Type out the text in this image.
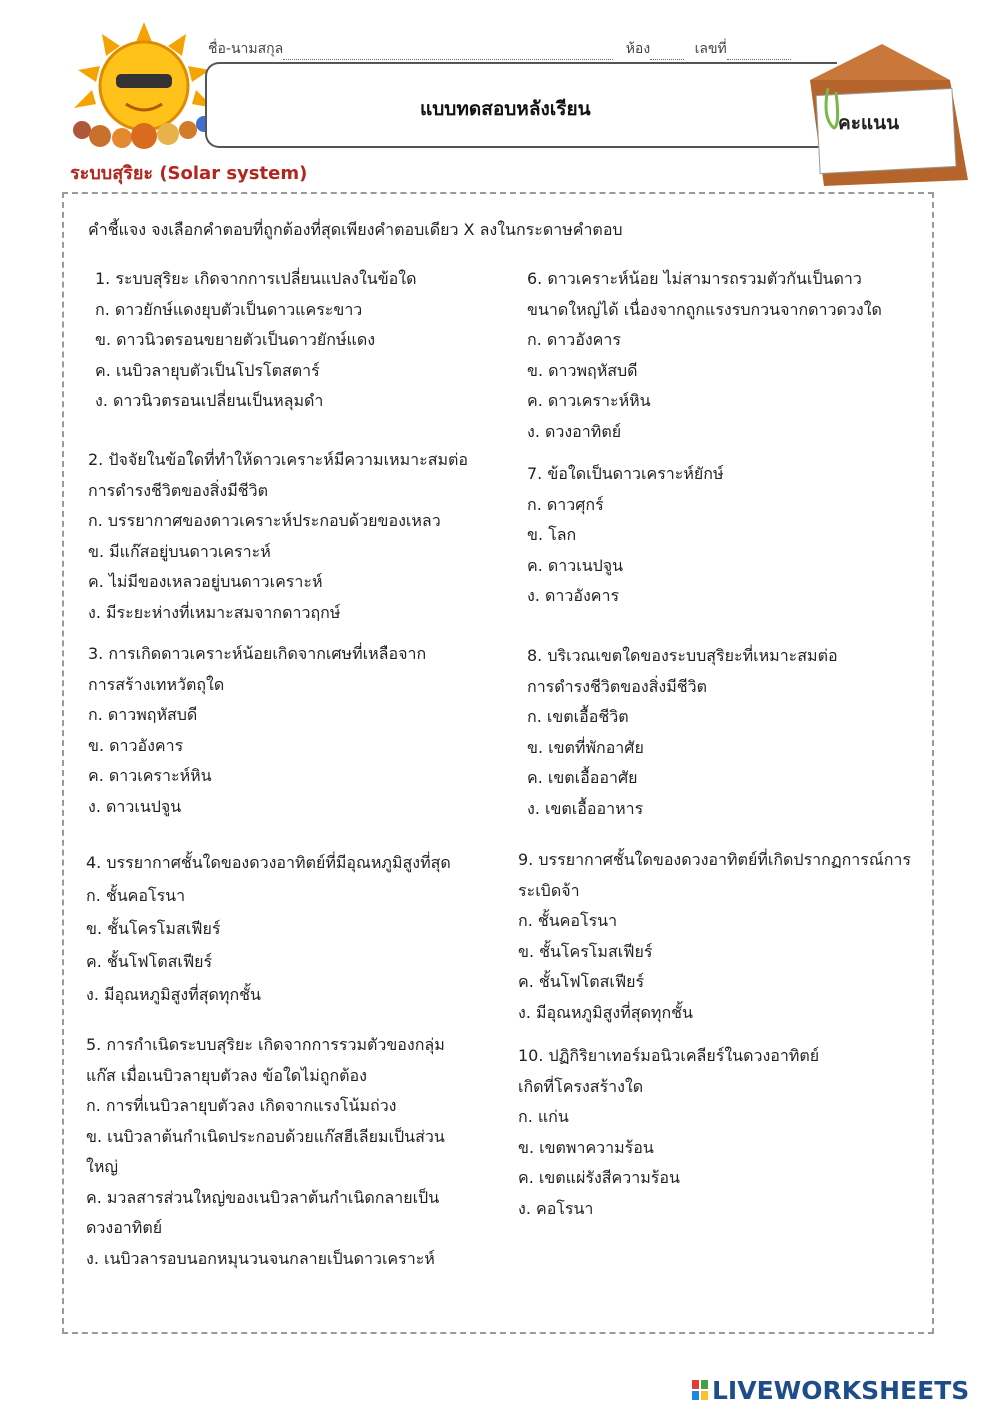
ชื่อ-นามสกุล	ห้อง	เลขที่
แบบทดสอบหลังเรียน
ระบบสุริยะ (Solar system)
คะแนน
คำชี้แจง จงเลือกคำตอบที่ถูกต้องที่สุดเพียงคำตอบเดียว X ลงในกระดาษคำตอบ
1. ระบบสุริยะ เกิดจากการเปลี่ยนแปลงในข้อใด
ก. ดาวยักษ์แดงยุบตัวเป็นดาวแคระขาว
ข. ดาวนิวตรอนขยายตัวเป็นดาวยักษ์แดง
ค. เนบิวลายุบตัวเป็นโปรโตสตาร์
ง. ดาวนิวตรอนเปลี่ยนเป็นหลุมดำ
2. ปัจจัยในข้อใดที่ทำให้ดาวเคราะห์มีความเหมาะสมต่อ
การดำรงชีวิตของสิ่งมีชีวิต
ก. บรรยากาศของดาวเคราะห์ประกอบด้วยของเหลว
ข. มีแก๊สอยู่บนดาวเคราะห์
ค. ไม่มีของเหลวอยู่บนดาวเคราะห์
ง. มีระยะห่างที่เหมาะสมจากดาวฤกษ์
3. การเกิดดาวเคราะห์น้อยเกิดจากเศษที่เหลือจาก
การสร้างเทหวัตถุใด
ก. ดาวพฤหัสบดี
ข. ดาวอังคาร
ค. ดาวเคราะห์หิน
ง. ดาวเนปจูน
4. บรรยากาศชั้นใดของดวงอาทิตย์ที่มีอุณหภูมิสูงที่สุด
ก. ชั้นคอโรนา
ข. ชั้นโครโมสเฟียร์
ค. ชั้นโฟโตสเฟียร์
ง. มีอุณหภูมิสูงที่สุดทุกชั้น
5. การกำเนิดระบบสุริยะ เกิดจากการรวมตัวของกลุ่ม
แก๊ส เมื่อเนบิวลายุบตัวลง ข้อใดไม่ถูกต้อง
ก. การที่เนบิวลายุบตัวลง เกิดจากแรงโน้มถ่วง
ข. เนบิวลาต้นกำเนิดประกอบด้วยแก๊สฮีเลียมเป็นส่วน
ใหญ่
ค. มวลสารส่วนใหญ่ของเนบิวลาต้นกำเนิดกลายเป็น
ดวงอาทิตย์
ง. เนบิวลารอบนอกหมุนวนจนกลายเป็นดาวเคราะห์
6. ดาวเคราะห์น้อย ไม่สามารถรวมตัวกันเป็นดาว
ขนาดใหญ่ได้ เนื่องจากถูกแรงรบกวนจากดาวดวงใด
ก. ดาวอังคาร
ข. ดาวพฤหัสบดี
ค. ดาวเคราะห์หิน
ง. ดวงอาทิตย์
7. ข้อใดเป็นดาวเคราะห์ยักษ์
ก. ดาวศุกร์
ข. โลก
ค. ดาวเนปจูน
ง. ดาวอังคาร
8. บริเวณเขตใดของระบบสุริยะที่เหมาะสมต่อ
การดำรงชีวิตของสิ่งมีชีวิต
ก. เขตเอื้อชีวิต
ข. เขตที่พักอาศัย
ค. เขตเอื้ออาศัย
ง. เขตเอื้ออาหาร
9. บรรยากาศชั้นใดของดวงอาทิตย์ที่เกิดปรากฏการณ์การ
ระเบิดจ้า
ก. ชั้นคอโรนา
ข. ชั้นโครโมสเฟียร์
ค. ชั้นโฟโตสเฟียร์
ง. มีอุณหภูมิสูงที่สุดทุกชั้น
10. ปฏิกิริยาเทอร์มอนิวเคลียร์ในดวงอาทิตย์
เกิดที่โครงสร้างใด
ก. แก่น
ข. เขตพาความร้อน
ค. เขตแผ่รังสีความร้อน
ง. คอโรนา
LIVEWORKSHEETS
